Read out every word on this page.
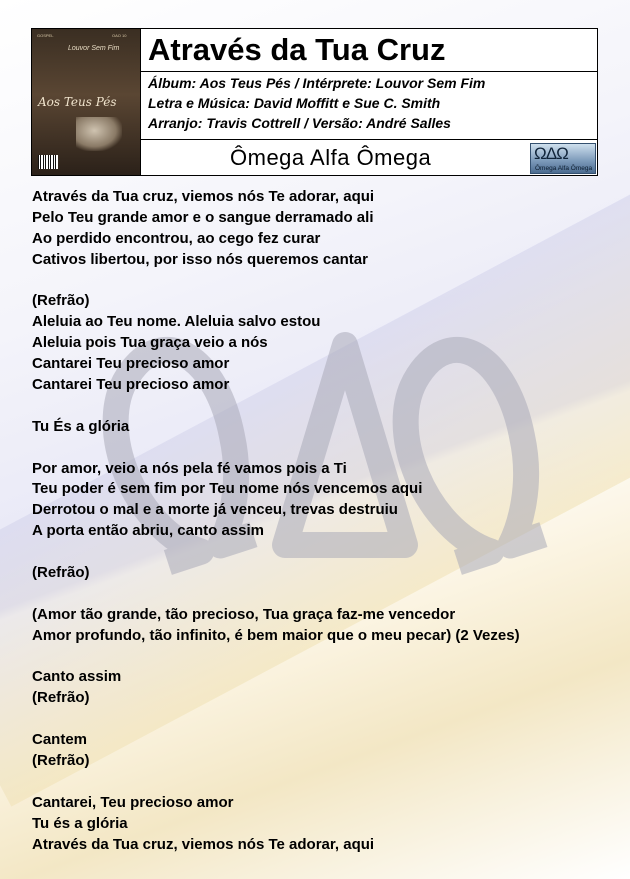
GOSPEL	OAO 10
Louvor Sem Fim
Aos Teus Pés
Através da Tua Cruz
Álbum: Aos Teus Pés / Intérprete: Louvor Sem Fim
Letra e Música: David Moffitt e Sue C. Smith
Arranjo: Travis Cottrell / Versão: André Salles
Ômega Alfa Ômega	ΩΔΩ
Ômega Alfa Ômega
Através da Tua cruz, viemos nós Te adorar, aqui
Pelo Teu grande amor e o sangue derramado ali
Ao perdido encontrou, ao cego fez curar
Cativos libertou, por isso nós queremos cantar
(Refrão)
Aleluia ao Teu nome. Aleluia salvo estou
Aleluia pois Tua graça veio a nós
Cantarei Teu precioso amor
Cantarei Teu precioso amor
Tu És a glória
Por amor, veio a nós pela fé vamos pois a Ti
Teu poder é sem fim por Teu nome nós vencemos aqui
Derrotou o mal e a morte já venceu, trevas destruiu
A porta então abriu, canto assim
(Refrão)
(Amor tão grande, tão precioso, Tua graça faz-me vencedor
Amor profundo, tão infinito, é bem maior que o meu pecar) (2 Vezes)
Canto assim
(Refrão)
Cantem
(Refrão)
Cantarei, Teu precioso amor
Tu és a glória
Através da Tua cruz, viemos nós Te adorar, aqui
